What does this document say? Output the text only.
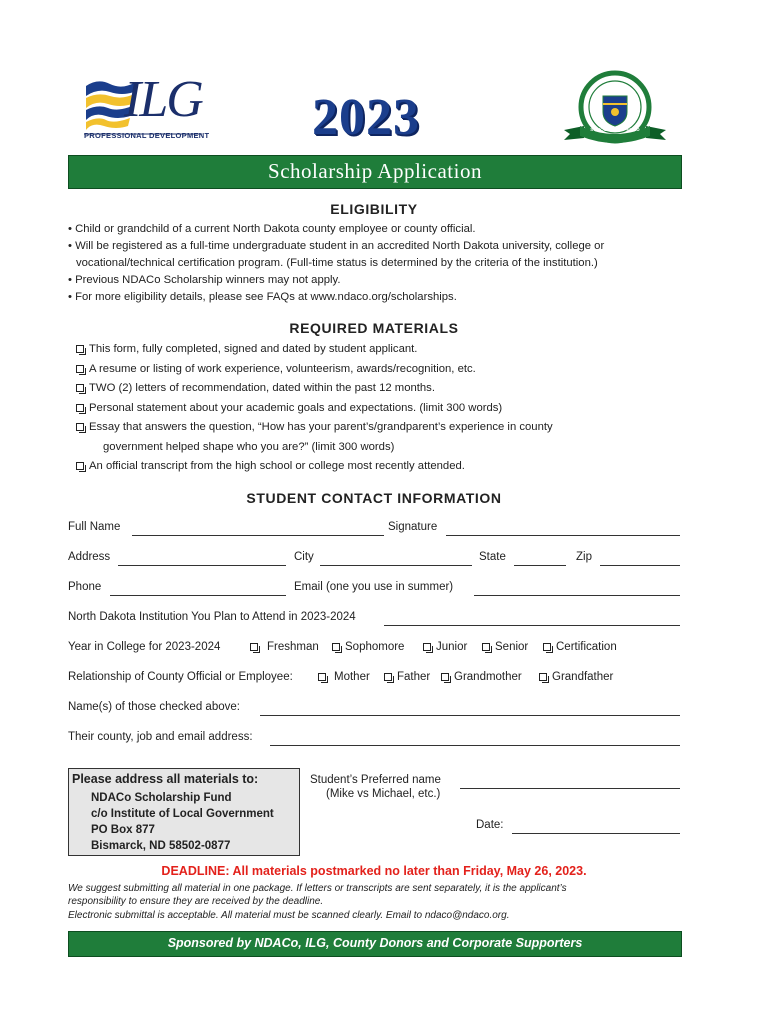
ILG
PROFESSIONAL DEVELOPMENT 2023	SCHOLARSHIP FUND
Scholarship Application
ELIGIBILITY
• Child or grandchild of a current North Dakota county employee or county official.
• Will be registered as a full-time undergraduate student in an accredited North Dakota university, college or
vocational/technical certification program. (Full-time status is determined by the criteria of the institution.)
• Previous NDACo Scholarship winners may not apply.
• For more eligibility details, please see FAQs at www.ndaco.org/scholarships.
REQUIRED MATERIALS
This form, fully completed, signed and dated by student applicant.
A resume or listing of work experience, volunteerism, awards/recognition, etc.
TWO (2) letters of recommendation, dated within the past 12 months.
Personal statement about your academic goals and expectations. (limit 300 words)
Essay that answers the question, “How has your parent’s/grandparent’s experience in county
government helped shape who you are?” (limit 300 words)
An official transcript from the high school or college most recently attended.
STUDENT CONTACT INFORMATION
Full Name	Signature
Address	City	State	Zip
Phone	Email (one you use in summer)
North Dakota Institution You Plan to Attend in 2023-2024
Year in College for 2023-2024	Freshman	Sophomore	Junior	Senior	Certification
Relationship of County Official or Employee:	Mother	Father	Grandmother	Grandfather
Name(s) of those checked above:
Their county, job and email address:
Please address all materials to:
NDACo Scholarship Fund
c/o Institute of Local Government
PO Box 877
Bismarck, ND 58502-0877
Student’s Preferred name
(Mike vs Michael, etc.)
Date:
DEADLINE: All materials postmarked no later than Friday, May 26, 2023.
We suggest submitting all material in one package. If letters or transcripts are sent separately, it is the applicant’s
responsibility to ensure they are received by the deadline.
Electronic submittal is acceptable. All material must be scanned clearly. Email to ndaco@ndaco.org.
Sponsored by NDACo, ILG, County Donors and Corporate Supporters
